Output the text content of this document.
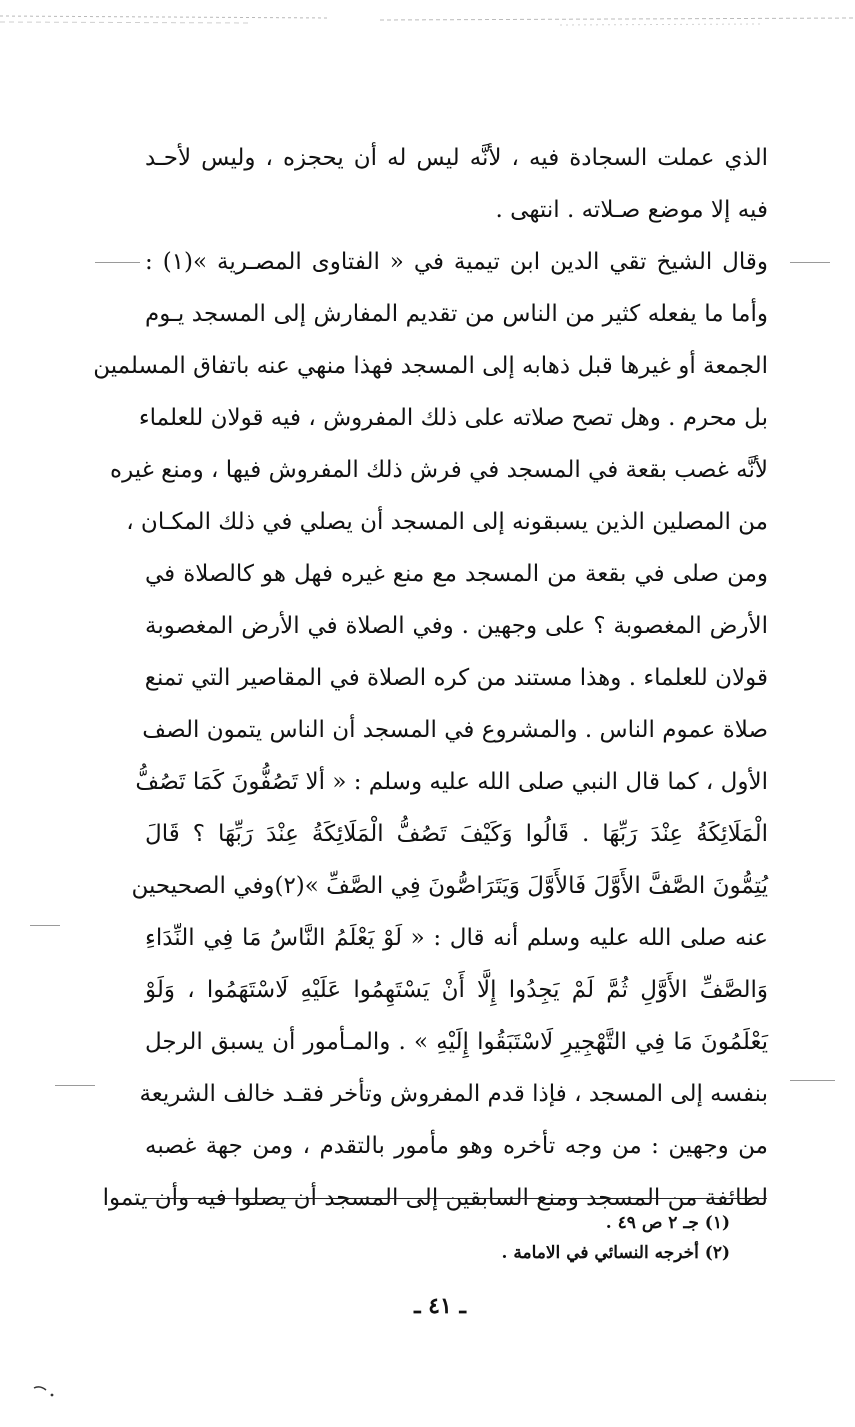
الذي عملت السجادة فيه ، لأنَّه ليس له أن يحجزه ، وليس لأحـد
فيه إلا موضع صـلاته . انتهى .
وقال الشيخ تقي الدين ابن تيمية في « الفتاوى المصـرية »(١) :
وأما ما يفعله كثير من الناس من تقديم المفارش إلى المسجد يـوم
الجمعة أو غيرها قبل ذهابه إلى المسجد فهذا منهي عنه باتفاق المسلمين
بل محرم . وهل تصح صلاته على ذلك المفروش ، فيه قولان للعلماء
لأنَّه غصب بقعة في المسجد في فرش ذلك المفروش فيها ، ومنع غيره
من المصلين الذين يسبقونه إلى المسجد أن يصلي في ذلك المكـان ،
ومن صلى في بقعة من المسجد مع منع غيره فهل هو كالصلاة في
الأرض المغصوبة ؟ على وجهين . وفي الصلاة في الأرض المغصوبة
قولان للعلماء . وهذا مستند من كره الصلاة في المقاصير التي تمنع
صلاة عموم الناس . والمشروع في المسجد أن الناس يتمون الصف
الأول ، كما قال النبي صلى الله عليه وسلم : « ألا تَصُفُّونَ كَمَا تَصُفُّ
الْمَلَائِكَةُ عِنْدَ رَبِّهَا . قَالُوا وَكَيْفَ تَصُفُّ الْمَلَائِكَةُ عِنْدَ رَبِّهَا ؟ قَالَ
يُتِمُّونَ الصَّفَّ الأَوَّلَ فَالأَوَّلَ وَيَتَرَاصُّونَ فِي الصَّفِّ »(٢)وفي الصحيحين
عنه صلى الله عليه وسلم أنه قال : « لَوْ يَعْلَمُ النَّاسُ مَا فِي النِّدَاءِ
وَالصَّفِّ الأَوَّلِ ثُمَّ لَمْ يَجِدُوا إِلَّا أَنْ يَسْتَهِمُوا عَلَيْهِ لَاسْتَهَمُوا ، وَلَوْ
يَعْلَمُونَ مَا فِي التَّهْجِيرِ لَاسْتَبَقُوا إِلَيْهِ » . والمـأمور أن يسبق الرجل
بنفسه إلى المسجد ، فإذا قدم المفروش وتأخر فقـد خالف الشريعة
من وجهين : من وجه تأخره وهو مأمور بالتقدم ، ومن جهة غصبه
لطائفة من المسجد ومنع السابقين إلى المسجد أن يصلوا فيه وأن يتموا
(١) جـ ٢ ص ٤٩ .
(٢) أخرجه النسائي في الامامة .
ـ ٤١ ـ
